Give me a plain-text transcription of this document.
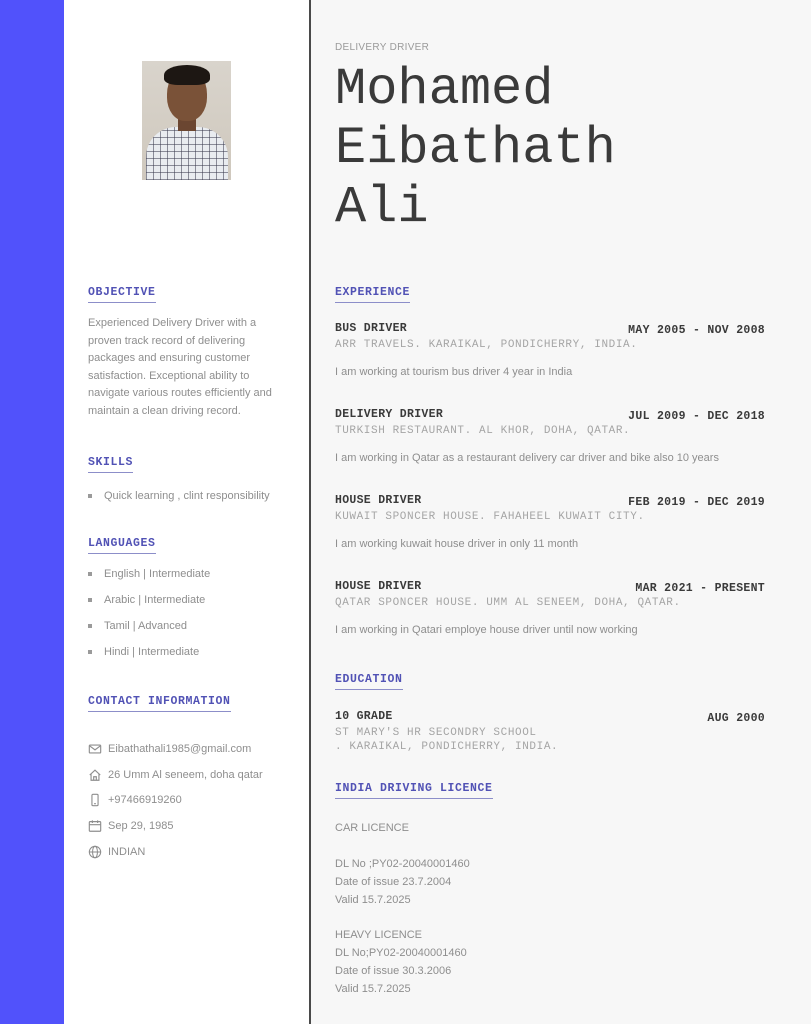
OBJECTIVE

Experienced Delivery Driver with a proven track record of delivering packages and ensuring customer satisfaction. Exceptional ability to navigate various routes efficiently and maintain a clean driving record.

SKILLS
Quick learning , clint responsibility
LANGUAGES
English | Intermediate
Arabic | Intermediate
Tamil | Advanced
Hindi | Intermediate
CONTACT INFORMATION
Eibathathali1985@gmail.com
26 Umm Al seneem, doha qatar
+97466919260
Sep 29, 1985
INDIAN

DELIVERY DRIVER

Mohamed
Eibathath
Ali
EXPERIENCE
BUS DRIVER	MAY 2005 - NOV 2008
ARR TRAVELS. KARAIKAL, PONDICHERRY, INDIA.
I am working at tourism bus driver 4 year in India
DELIVERY DRIVER	JUL 2009 - DEC 2018
TURKISH RESTAURANT. AL KHOR, DOHA, QATAR.
I am working in Qatar as a restaurant delivery car driver and bike also 10 years
HOUSE DRIVER	FEB 2019 - DEC 2019
KUWAIT SPONCER HOUSE. FAHAHEEL KUWAIT CITY.
I am working kuwait house driver in only 11 month
HOUSE DRIVER	MAR 2021 - PRESENT
QATAR SPONCER HOUSE. UMM AL SENEEM, DOHA, QATAR.
I am working in Qatari employe house driver until now working
EDUCATION
10 GRADE	AUG 2000
ST MARY'S HR SECONDRY SCHOOL
. KARAIKAL, PONDICHERRY, INDIA.
INDIA DRIVING LICENCE

CAR LICENCE

DL No ;PY02-20040001460
Date of issue 23.7.2004
Valid 15.7.2025

HEAVY LICENCE

DL No;PY02-20040001460
Date of issue 30.3.2006
Valid 15.7.2025
